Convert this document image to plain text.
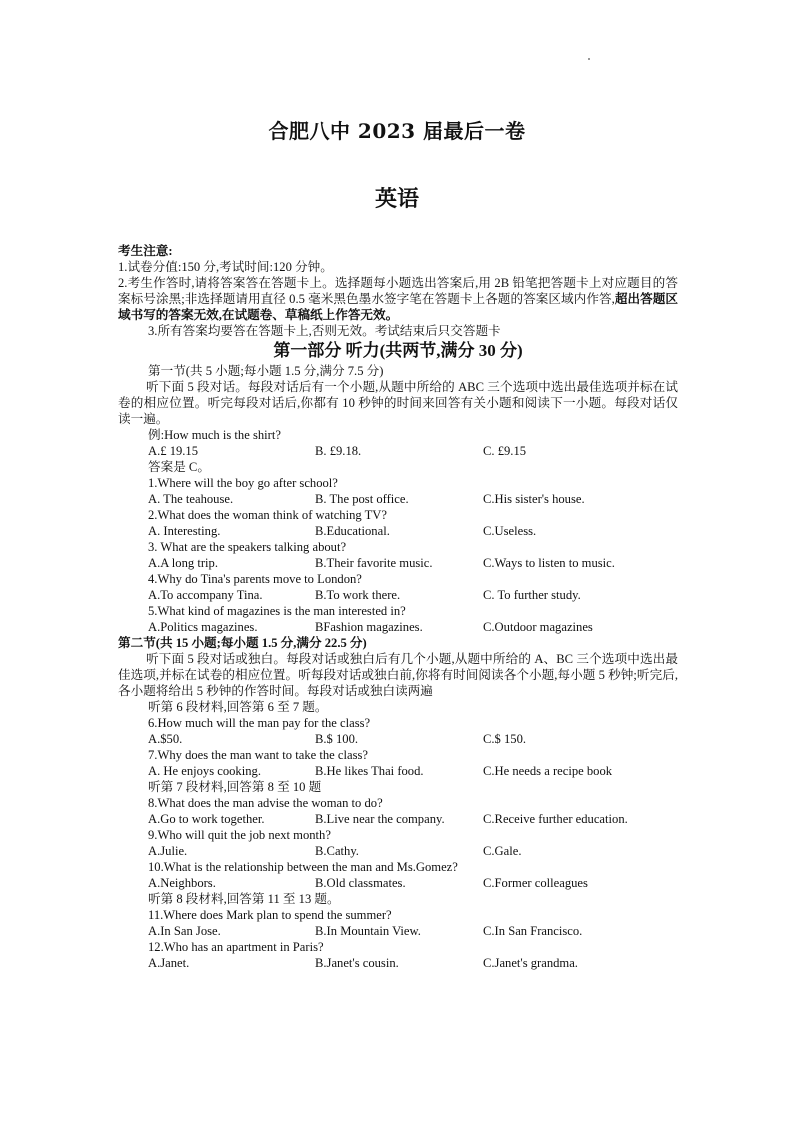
合肥八中 2023 届最后一卷
英语
考生注意:
1.试卷分值:150 分,考试时间:120 分钟。
2.考生作答时,请将答案答在答题卡上。选择题每小题选出答案后,用 2B 铅笔把答题卡上对应题目的答案标号涂黑;非选择题请用直径 0.5 毫米黑色墨水签字笔在答题卡上各题的答案区域内作答,超出答题区域书写的答案无效,在试题卷、草稿纸上作答无效。
3.所有答案均要答在答题卡上,否则无效。考试结束后只交答题卡
第一部分 听力(共两节,满分 30 分)
第一节(共 5 小题;每小题 1.5 分,满分 7.5 分)
听下面 5 段对话。每段对话后有一个小题,从题中所给的 ABC 三个选项中选出最佳选项并标在试卷的相应位置。听完每段对话后,你都有 10 秒钟的时间来回答有关小题和阅读下一小题。每段对话仅读一遍。
例:How much is the shirt?
A.£ 19.15	B. £9.18.	C. £9.15
答案是 C。
1.Where will the boy go after school?
A. The teahouse.	B. The post office.	C.His sister's house.
2.What does the woman think of watching TV?
A. Interesting.	B.Educational.	C.Useless.
3. What are the speakers talking about?
A.A long trip.	B.Their favorite music.	C.Ways to listen to music.
4.Why do Tina's parents move to London?
A.To accompany Tina.	B.To work there.	C. To further study.
5.What kind of magazines is the man interested in?
A.Politics magazines.	BFashion magazines.	C.Outdoor magazines
第二节(共 15 小题;每小题 1.5 分,满分 22.5 分)
听下面 5 段对话或独白。每段对话或独白后有几个小题,从题中所给的 A、BC 三个选项中选出最佳选项,并标在试卷的相应位置。听每段对话或独白前,你将有时间阅读各个小题,每小题 5 秒钟;听完后,各小题将给出 5 秒钟的作答时间。每段对话或独白读两遍
听第 6 段材料,回答第 6 至 7 题。
6.How much will the man pay for the class?
A.$50.	B.$ 100.	C.$ 150.
7.Why does the man want to take the class?
A. He enjoys cooking.	B.He likes Thai food.	C.He needs a recipe book
听第 7 段材料,回答第 8 至 10 题
8.What does the man advise the woman to do?
A.Go to work together.	B.Live near the company.	C.Receive further education.
9.Who will quit the job next month?
A.Julie.	B.Cathy.	C.Gale.
10.What is the relationship between the man and Ms.Gomez?
A.Neighbors.	B.Old classmates.	C.Former colleagues
听第 8 段材料,回答第 11 至 13 题。
11.Where does Mark plan to spend the summer?
A.In San Jose.	B.In Mountain View.	C.In San Francisco.
12.Who has an apartment in Paris?
A.Janet.	B.Janet's cousin.	C.Janet's grandma.
